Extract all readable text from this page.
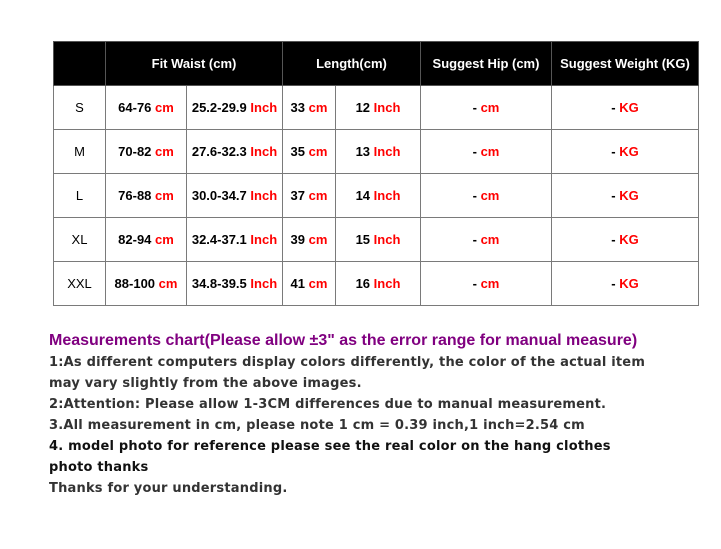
	Fit Waist (cm)		Length(cm)		Suggest Hip (cm)	Suggest Weight (KG)
S	64-76 cm	25.2-29.9 Inch	33 cm	12 Inch	- cm	- KG
M	70-82 cm	27.6-32.3 Inch	35 cm	13 Inch	- cm	- KG
L	76-88 cm	30.0-34.7 Inch	37 cm	14 Inch	- cm	- KG
XL	82-94 cm	32.4-37.1 Inch	39 cm	15 Inch	- cm	- KG
XXL	88-100 cm	34.8-39.5 Inch	41 cm	16 Inch	- cm	- KG

Measurements chart(Please allow ±3" as the error range for manual measure)

1:As different computers display colors differently, the color of the actual item may vary slightly from the above images.

2:Attention: Please allow 1-3CM differences due to manual measurement.

3.All measurement in cm, please note 1 cm = 0.39 inch,1 inch=2.54 cm

4. model photo for reference please see the real color on the hang clothes photo thanks

Thanks for your understanding.
